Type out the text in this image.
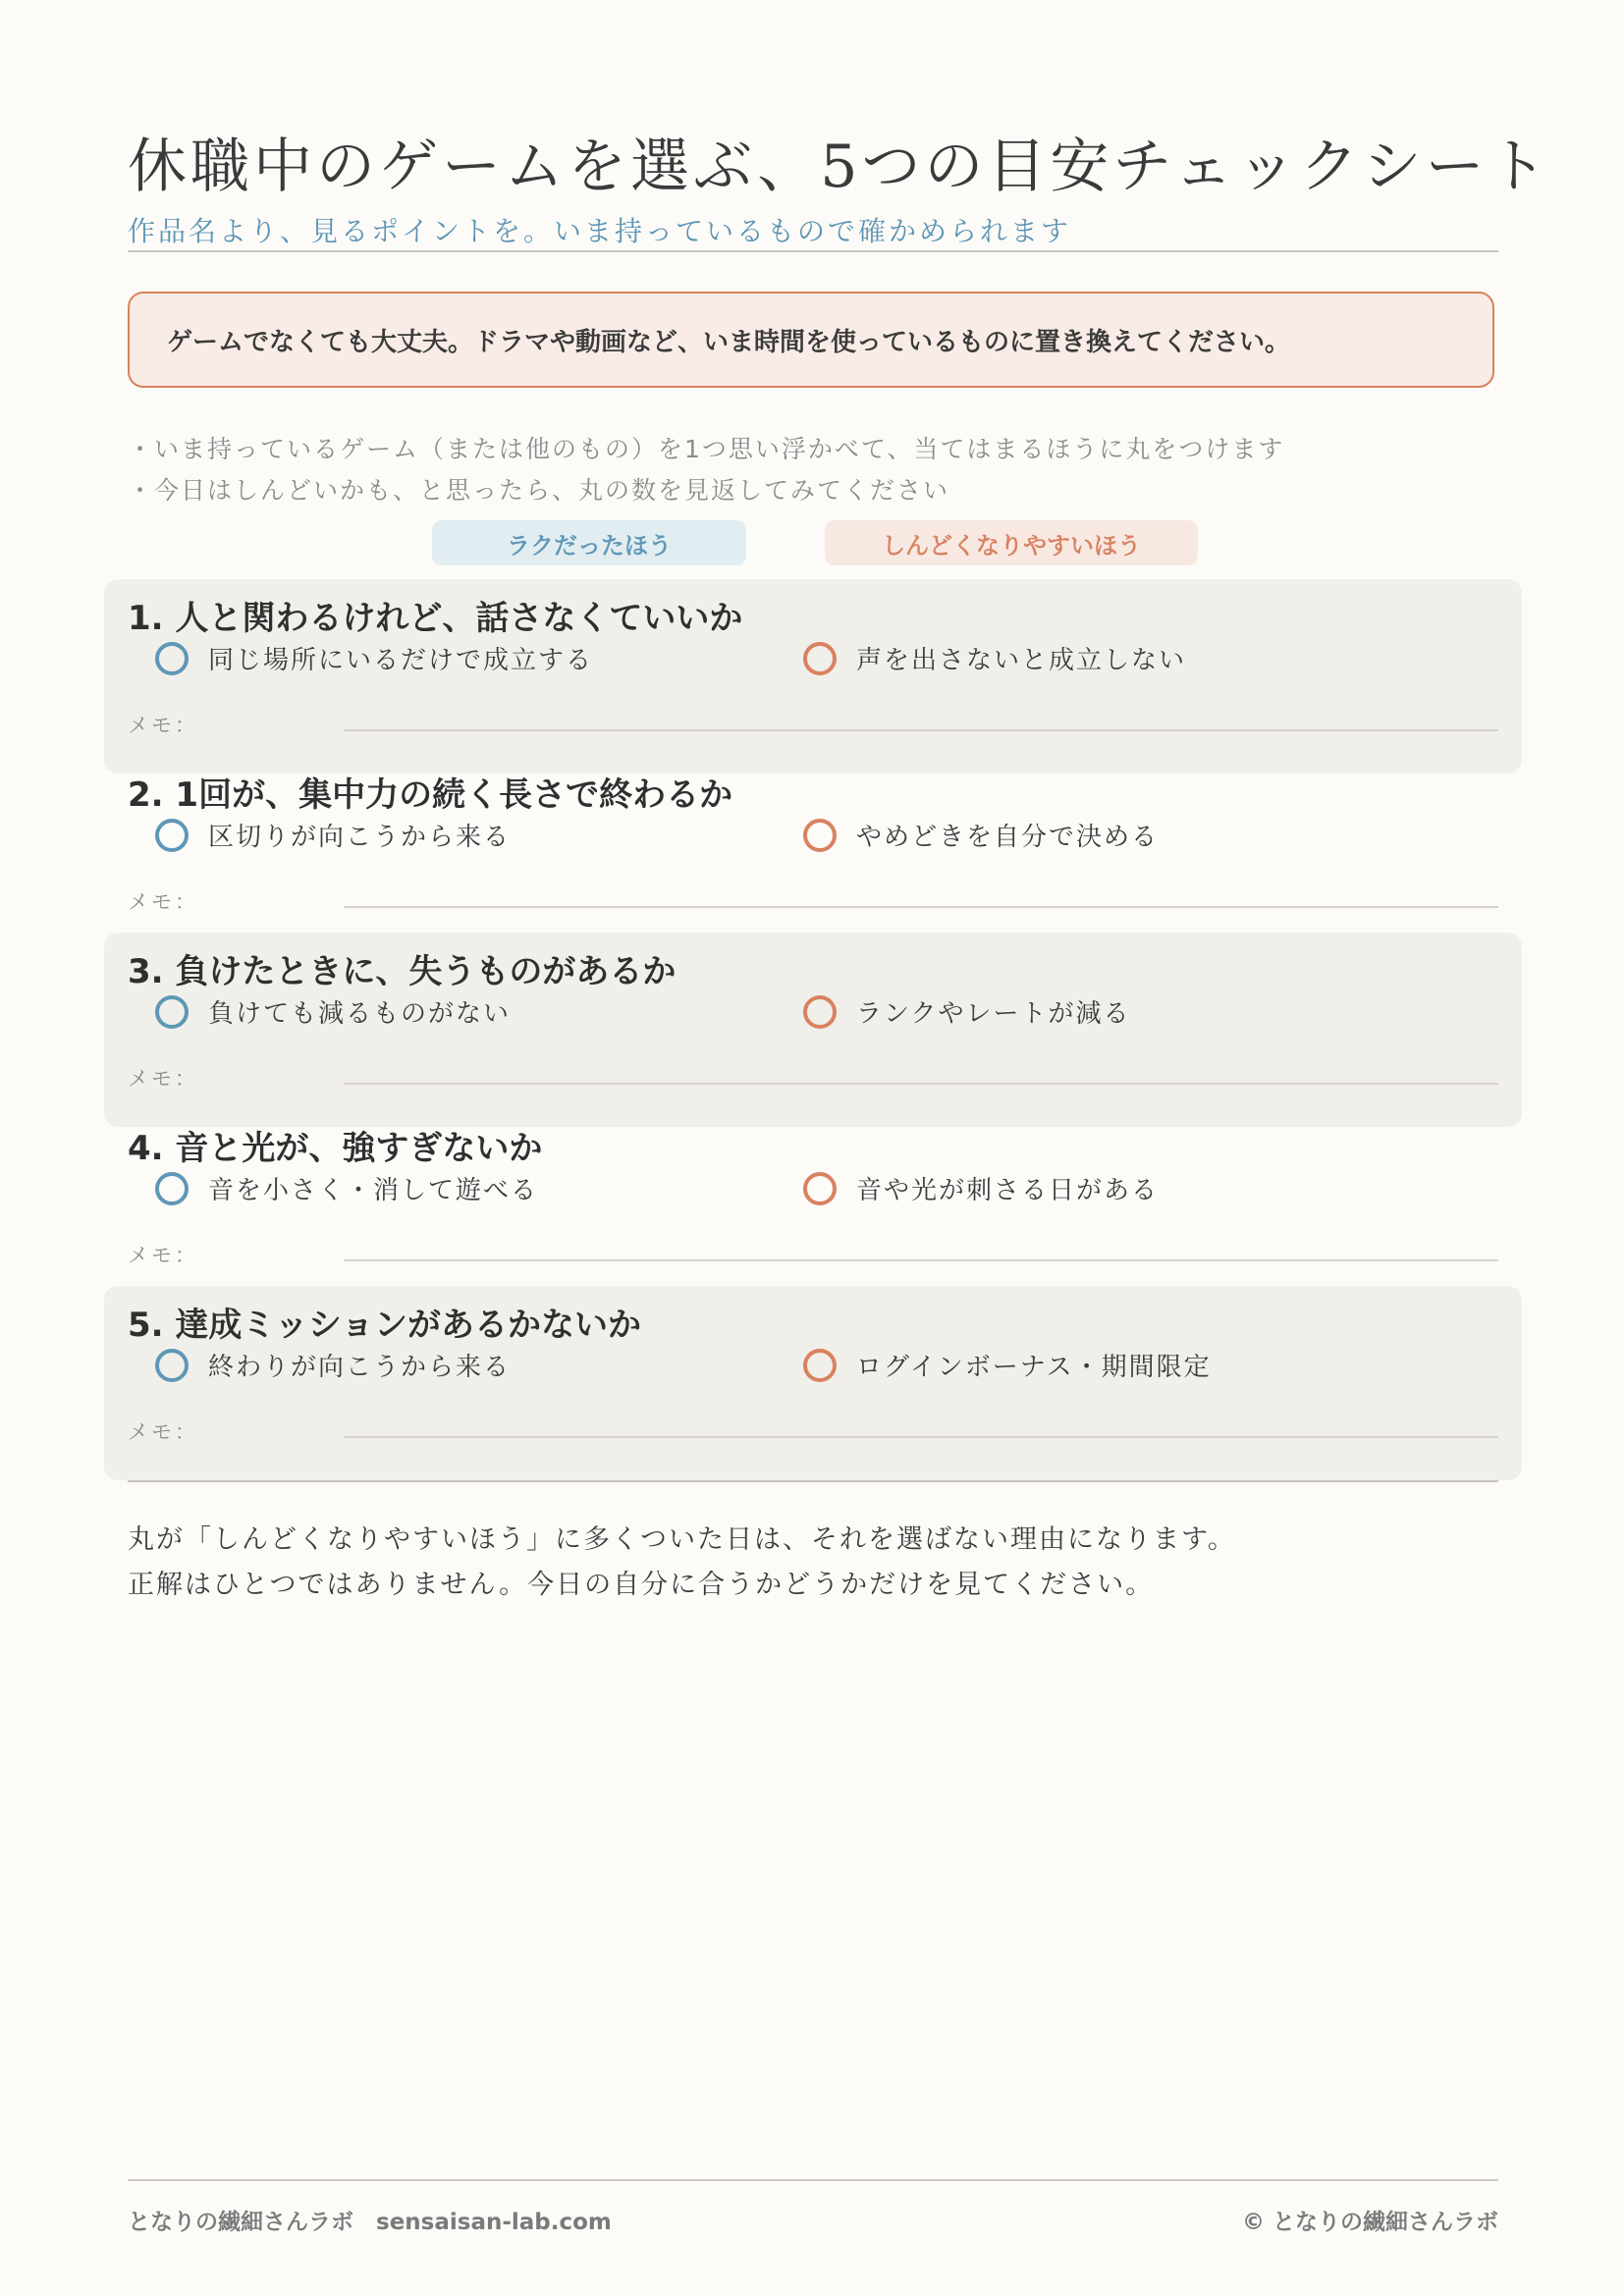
休職中のゲームを選ぶ、5つの目安チェックシート
作品名より、見るポイントを。いま持っているもので確かめられます
ゲームでなくても大丈夫。ドラマや動画など、いま時間を使っているものに置き換えてください。
・いま持っているゲーム（または他のもの）を1つ思い浮かべて、当てはまるほうに丸をつけます
・今日はしんどいかも、と思ったら、丸の数を見返してみてください
ラクだったほう	しんどくなりやすいほう
1. 人と関わるけれど、話さなくていいか
同じ場所にいるだけで成立する	声を出さないと成立しない
メモ：
2. 1回が、集中力の続く長さで終わるか
区切りが向こうから来る	やめどきを自分で決める
メモ：
3. 負けたときに、失うものがあるか
負けても減るものがない	ランクやレートが減る
メモ：
4. 音と光が、強すぎないか
音を小さく・消して遊べる	音や光が刺さる日がある
メモ：
5. 達成ミッションがあるかないか
終わりが向こうから来る	ログインボーナス・期間限定
メモ：
丸が「しんどくなりやすいほう」に多くついた日は、それを選ばない理由になります。
正解はひとつではありません。今日の自分に合うかどうかだけを見てください。
となりの繊細さんラボ　sensaisan-lab.com	© となりの繊細さんラボ
